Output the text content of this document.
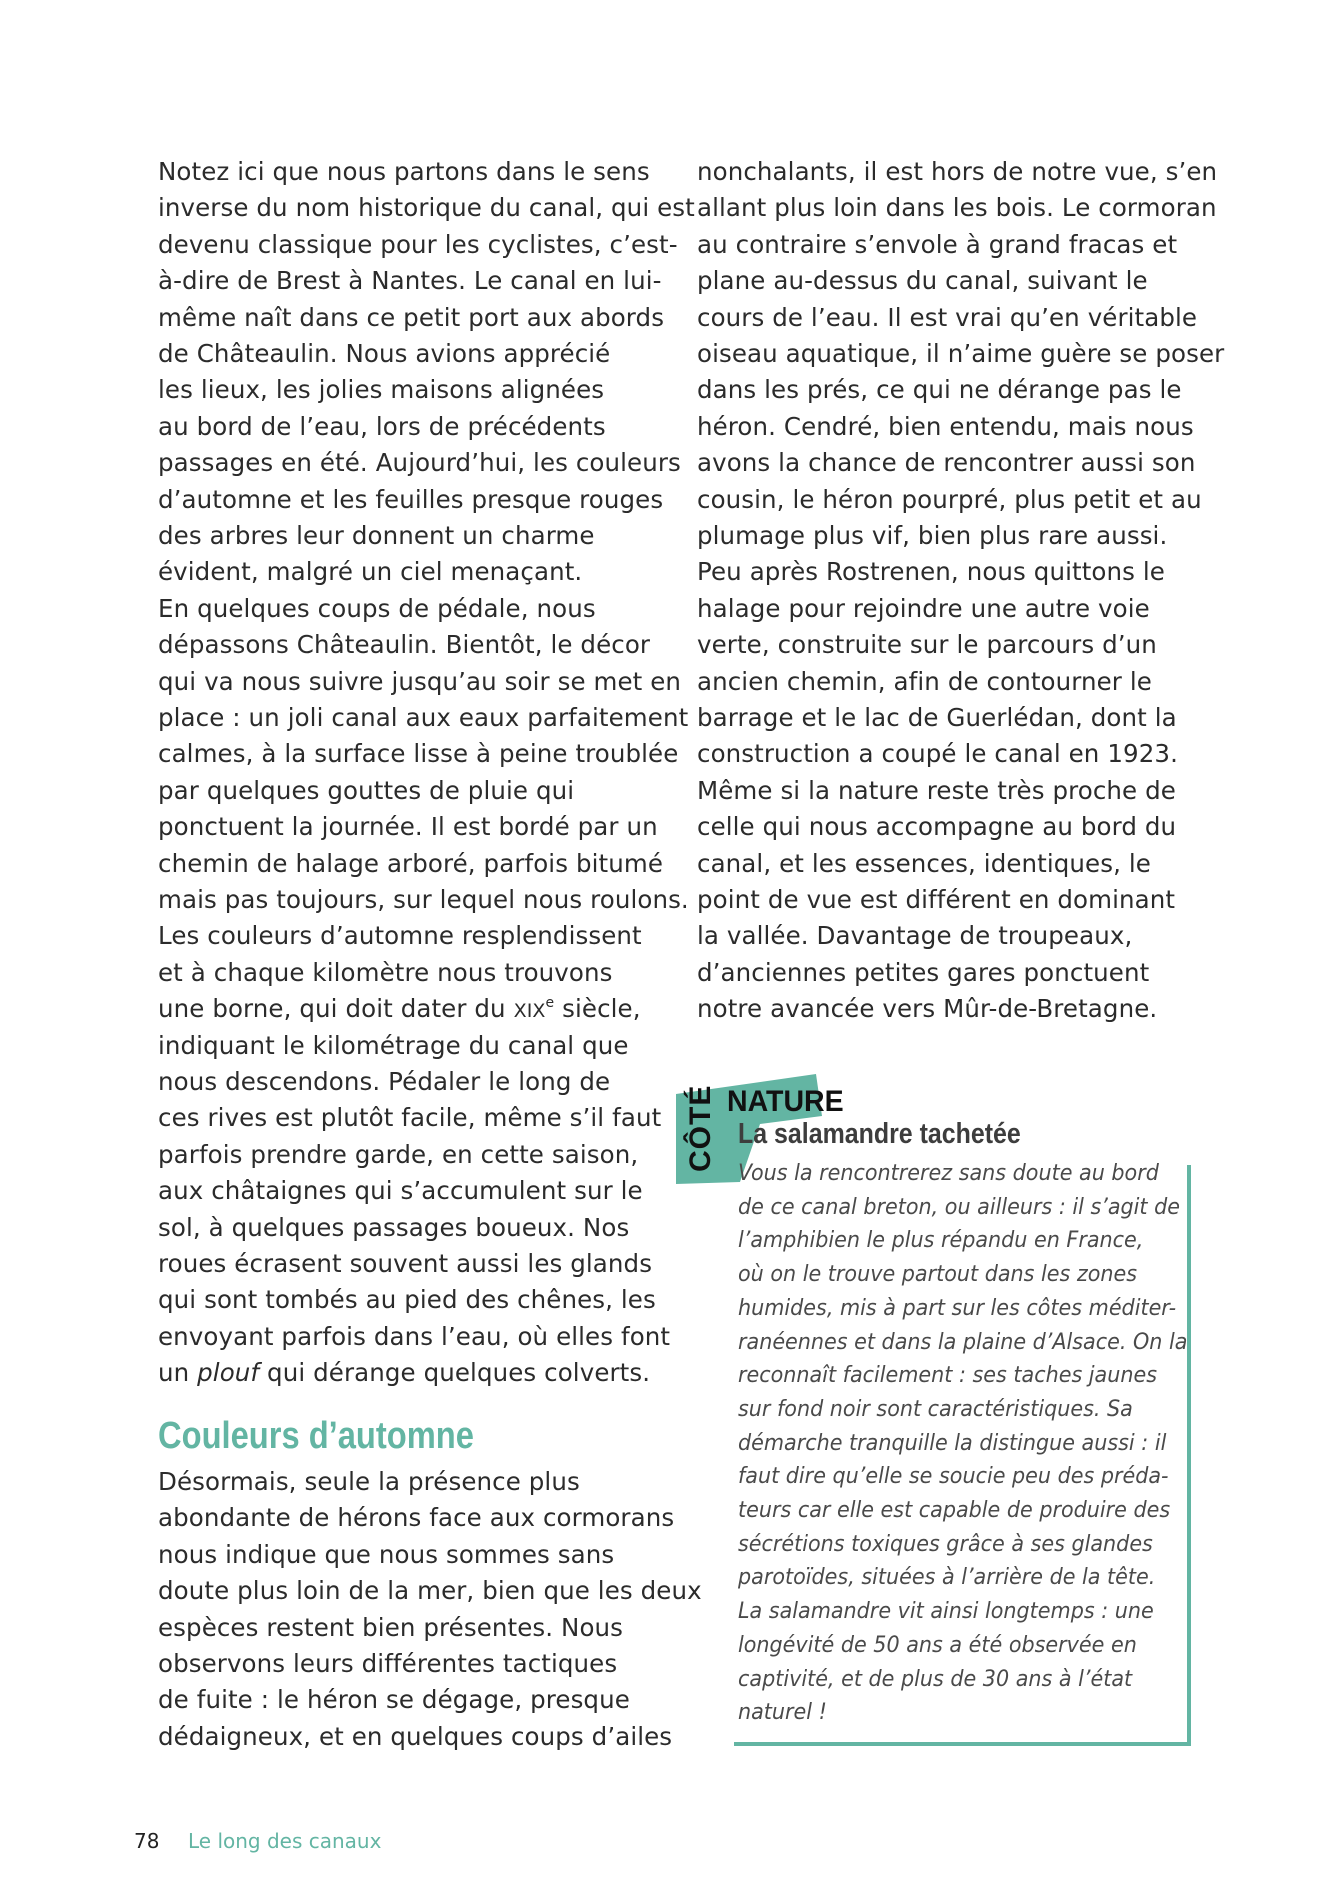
Notez ici que nous partons dans le sens
inverse du nom historique du canal, qui est
devenu classique pour les cyclistes, c’est-
à-dire de Brest à Nantes. Le canal en lui-
même naît dans ce petit port aux abords
de Châteaulin. Nous avions apprécié
les lieux, les jolies maisons alignées
au bord de l’eau, lors de précédents
passages en été. Aujourd’hui, les couleurs
d’automne et les feuilles presque rouges
des arbres leur donnent un charme
évident, malgré un ciel menaçant.
En quelques coups de pédale, nous
dépassons Châteaulin. Bientôt, le décor
qui va nous suivre jusqu’au soir se met en
place : un joli canal aux eaux parfaitement
calmes, à la surface lisse à peine troublée
par quelques gouttes de pluie qui
ponctuent la journée. Il est bordé par un
chemin de halage arboré, parfois bitumé
mais pas toujours, sur lequel nous roulons.
Les couleurs d’automne resplendissent
et à chaque kilomètre nous trouvons
une borne, qui doit dater du XIXe siècle,
indiquant le kilométrage du canal que
nous descendons. Pédaler le long de
ces rives est plutôt facile, même s’il faut
parfois prendre garde, en cette saison,
aux châtaignes qui s’accumulent sur le
sol, à quelques passages boueux. Nos
roues écrasent souvent aussi les glands
qui sont tombés au pied des chênes, les
envoyant parfois dans l’eau, où elles font
un plouf qui dérange quelques colverts.
Désormais, seule la présence plus
abondante de hérons face aux cormorans
nous indique que nous sommes sans
doute plus loin de la mer, bien que les deux
espèces restent bien présentes. Nous
observons leurs différentes tactiques
de fuite : le héron se dégage, presque
dédaigneux, et en quelques coups d’ailes
Couleurs d’automne
nonchalants, il est hors de notre vue, s’en
allant plus loin dans les bois. Le cormoran
au contraire s’envole à grand fracas et
plane au-dessus du canal, suivant le
cours de l’eau. Il est vrai qu’en véritable
oiseau aquatique, il n’aime guère se poser
dans les prés, ce qui ne dérange pas le
héron. Cendré, bien entendu, mais nous
avons la chance de rencontrer aussi son
cousin, le héron pourpré, plus petit et au
plumage plus vif, bien plus rare aussi.
Peu après Rostrenen, nous quittons le
halage pour rejoindre une autre voie
verte, construite sur le parcours d’un
ancien chemin, afin de contourner le
barrage et le lac de Guerlédan, dont la
construction a coupé le canal en 1923.
Même si la nature reste très proche de
celle qui nous accompagne au bord du
canal, et les essences, identiques, le
point de vue est différent en dominant
la vallée. Davantage de troupeaux,
d’anciennes petites gares ponctuent
notre avancée vers Mûr-de-Bretagne.
CÔTÉ NATURE
La salamandre tachetée
Vous la rencontrerez sans doute au bord
de ce canal breton, ou ailleurs : il s’agit de
l’amphibien le plus répandu en France,
où on le trouve partout dans les zones
humides, mis à part sur les côtes méditer-
ranéennes et dans la plaine d’Alsace. On la
reconnaît facilement : ses taches jaunes
sur fond noir sont caractéristiques. Sa
démarche tranquille la distingue aussi : il
faut dire qu’elle se soucie peu des préda-
teurs car elle est capable de produire des
sécrétions toxiques grâce à ses glandes
parotoïdes, situées à l’arrière de la tête.
La salamandre vit ainsi longtemps : une
longévité de 50 ans a été observée en
captivité, et de plus de 30 ans à l’état
naturel !
78 Le long des canaux
